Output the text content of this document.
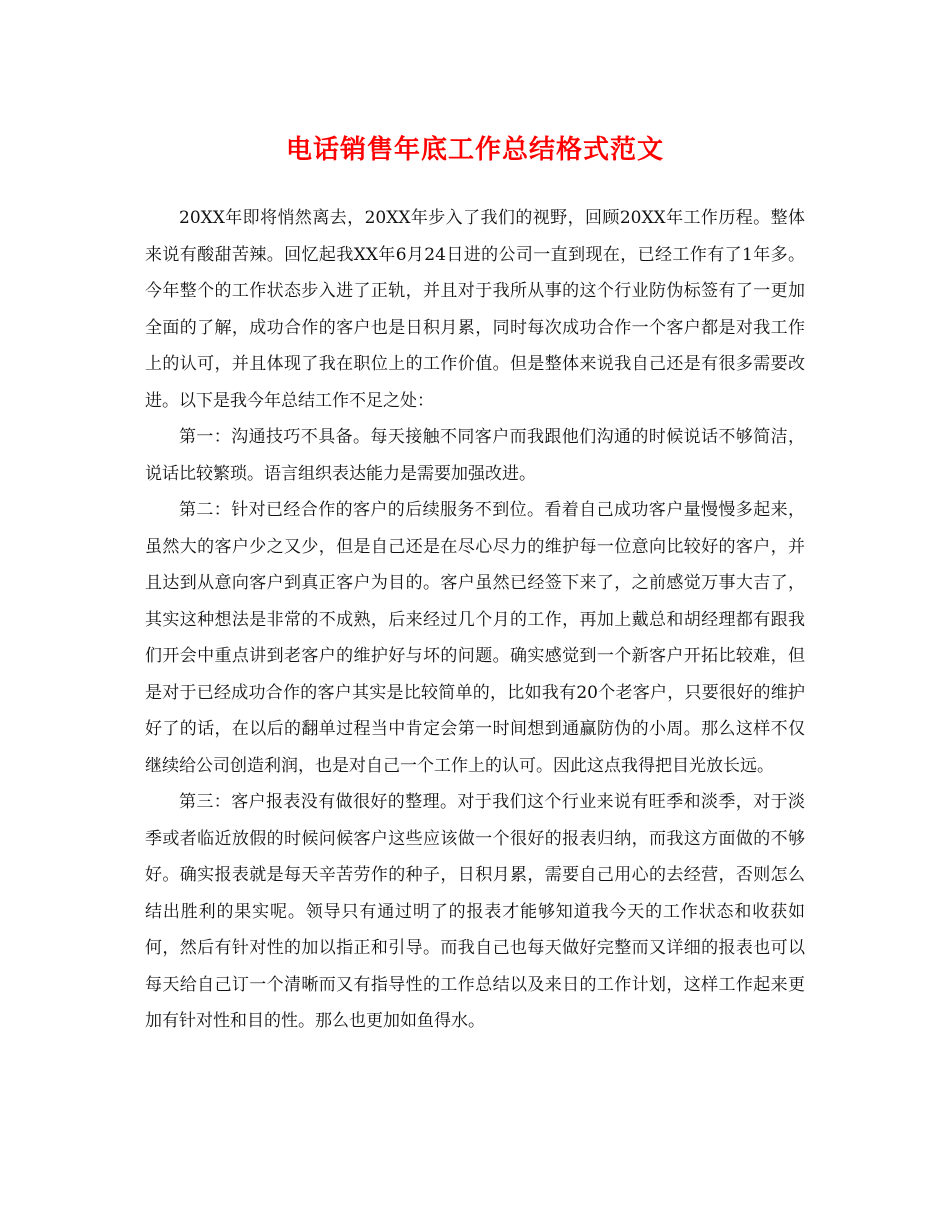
电话销售年底工作总结格式范文

20XX年即将悄然离去，20XX年步入了我们的视野，回顾20XX年工作历程。整体来说有酸甜苦辣。回忆起我XX年6月24日进的公司一直到现在，已经工作有了1年多。今年整个的工作状态步入进了正轨，并且对于我所从事的这个行业防伪标签有了一更加全面的了解，成功合作的客户也是日积月累，同时每次成功合作一个客户都是对我工作上的认可，并且体现了我在职位上的工作价值。但是整体来说我自己还是有很多需要改进。以下是我今年总结工作不足之处：

第一：沟通技巧不具备。每天接触不同客户而我跟他们沟通的时候说话不够简洁，说话比较繁琐。语言组织表达能力是需要加强改进。

第二：针对已经合作的客户的后续服务不到位。看着自己成功客户量慢慢多起来，虽然大的客户少之又少，但是自己还是在尽心尽力的维护每一位意向比较好的客户，并且达到从意向客户到真正客户为目的。客户虽然已经签下来了，之前感觉万事大吉了，其实这种想法是非常的不成熟，后来经过几个月的工作，再加上戴总和胡经理都有跟我们开会中重点讲到老客户的维护好与坏的问题。确实感觉到一个新客户开拓比较难，但是对于已经成功合作的客户其实是比较简单的，比如我有20个老客户，只要很好的维护好了的话，在以后的翻单过程当中肯定会第一时间想到通赢防伪的小周。那么这样不仅继续给公司创造利润，也是对自己一个工作上的认可。因此这点我得把目光放长远。

第三：客户报表没有做很好的整理。对于我们这个行业来说有旺季和淡季，对于淡季或者临近放假的时候问候客户这些应该做一个很好的报表归纳，而我这方面做的不够好。确实报表就是每天辛苦劳作的种子，日积月累，需要自己用心的去经营，否则怎么结出胜利的果实呢。领导只有通过明了的报表才能够知道我今天的工作状态和收获如何，然后有针对性的加以指正和引导。而我自己也每天做好完整而又详细的报表也可以每天给自己订一个清晰而又有指导性的工作总结以及来日的工作计划，这样工作起来更加有针对性和目的性。那么也更加如鱼得水。
